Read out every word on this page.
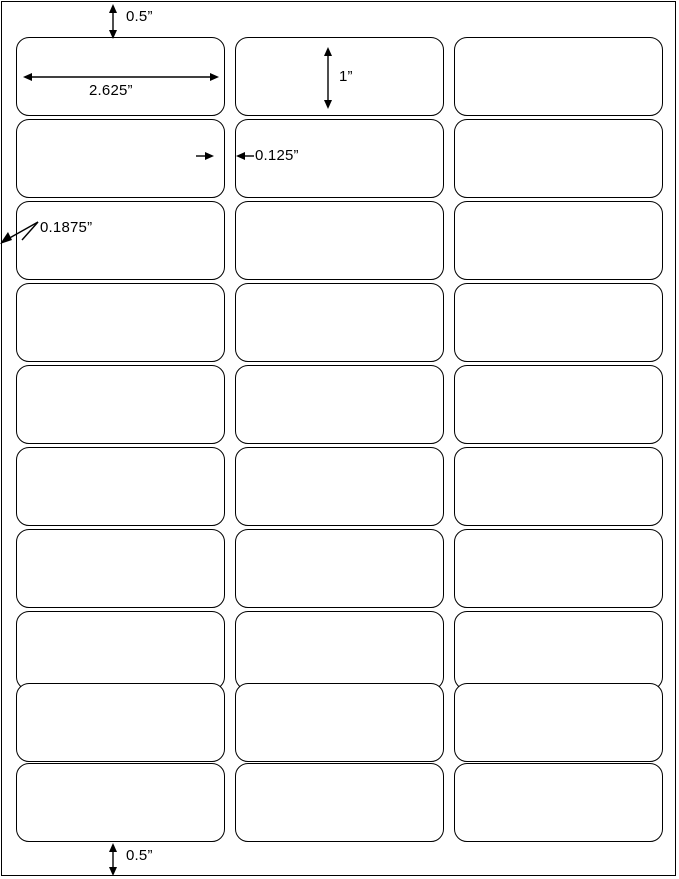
0.5”
2.625”
1”
0.125”
0.1875”
0.5”
